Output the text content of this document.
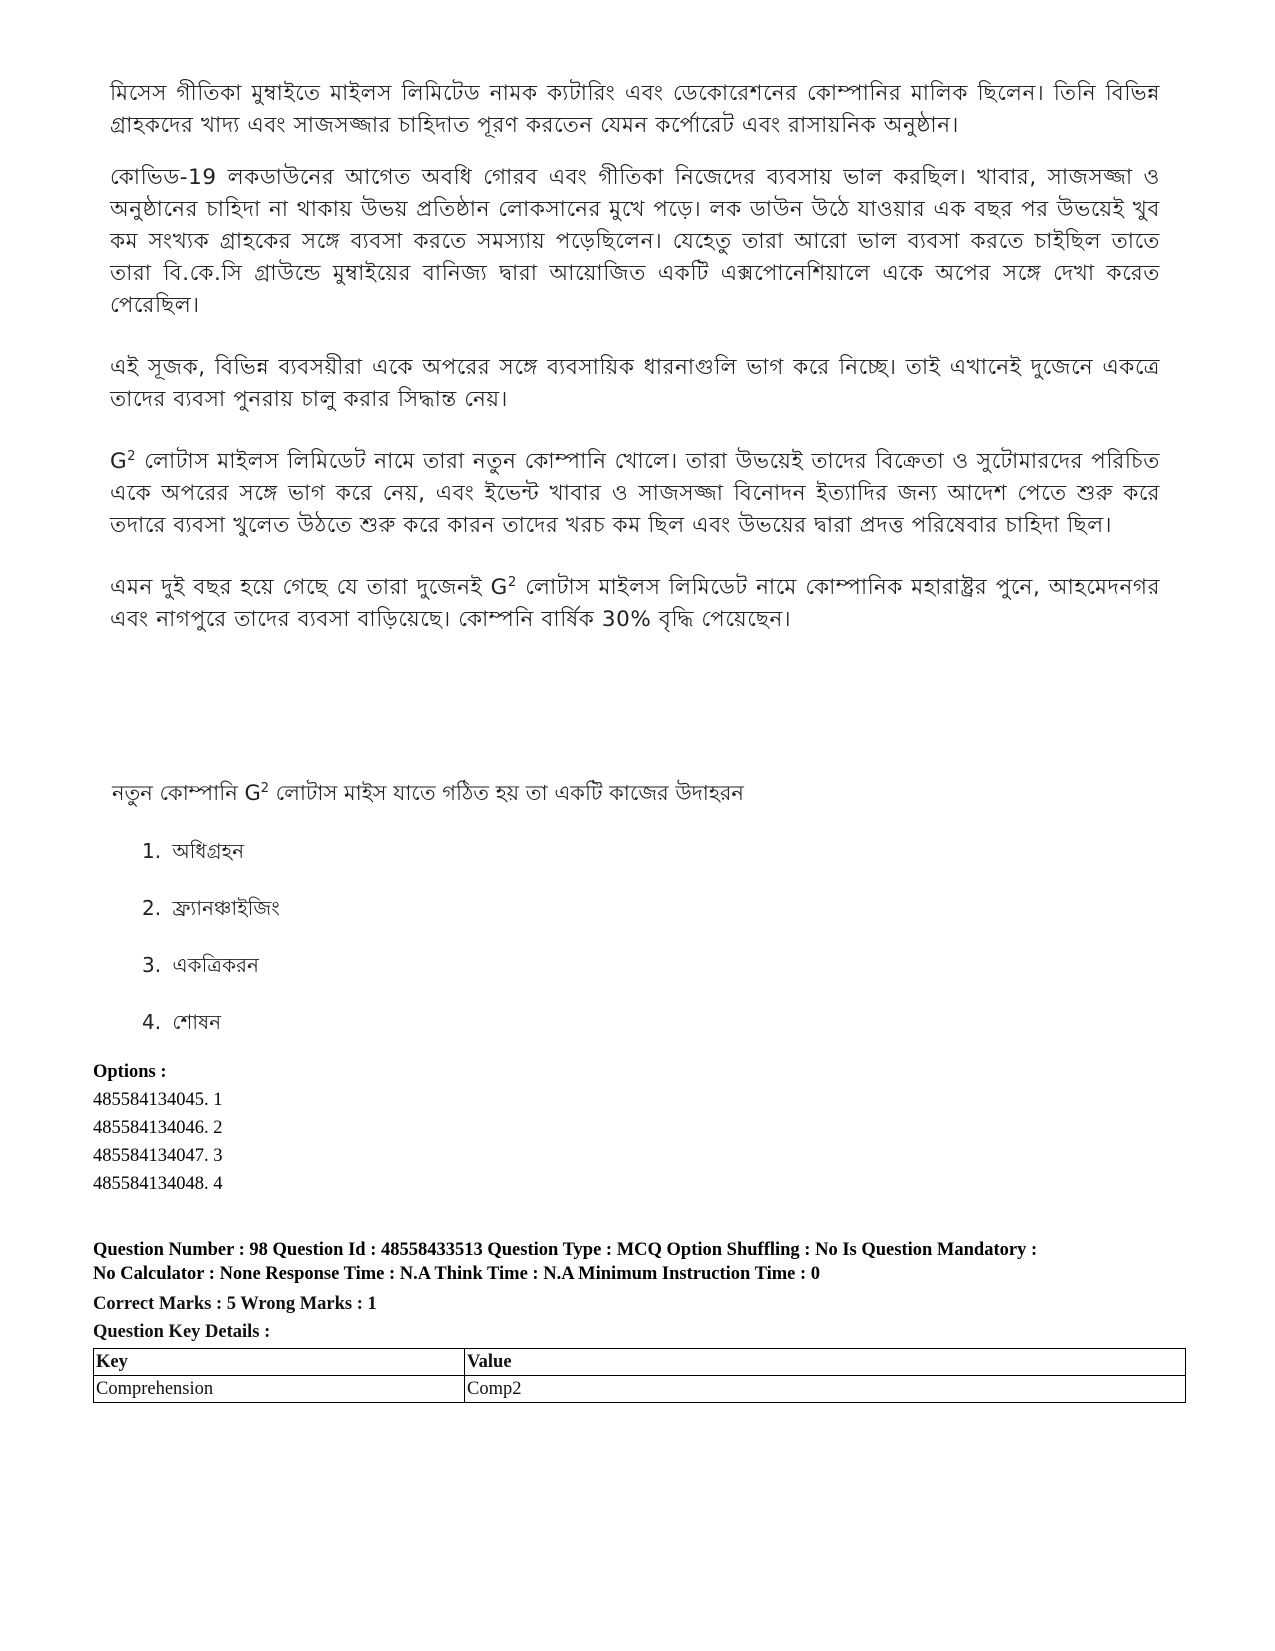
মিসেস গীতিকা মুম্বাইতে মাইলস লিমিটেড নামক ক্যটারিং এবং ডেকোরেশনের কোম্পানির মালিক ছিলেন। তিনি বিভিন্ন গ্রাহকদের খাদ্য এবং সাজসজ্জার চাহিদাত পূরণ করতেন যেমন কর্পোরেট এবং রাসায়নিক অনুষ্ঠান।

কোভিড-19 লকডাউনের আগেত অবধি গোরব এবং গীতিকা নিজেদের ব্যবসায় ভাল করছিল। খাবার, সাজসজ্জা ও অনুষ্ঠানের চাহিদা না থাকায় উভয় প্রতিষ্ঠান লোকসানের মুখে পড়ে। লক ডাউন উঠে যাওয়ার এক বছর পর উভয়েই খুব কম সংখ্যক গ্রাহকের সঙ্গে ব্যবসা করতে সমস্যায় পড়েছিলেন। যেহেতু তারা আরো ভাল ব্যবসা করতে চাইছিল তাতে তারা বি.কে.সি গ্রাউন্ডে মুম্বাইয়ের বানিজ্য দ্বারা আয়োজিত একটি এক্সপোনেশিয়ালে একে অপের সঙ্গে দেখা করেত পেরেছিল।

এই সূজক, বিভিন্ন ব্যবসয়ীরা একে অপরের সঙ্গে ব্যবসায়িক ধারনাগুলি ভাগ করে নিচ্ছে। তাই এখানেই দুজেনে একত্রে তাদের ব্যবসা পুনরায় চালু করার সিদ্ধান্ত নেয়।

$G^2$ লোটাস মাইলস লিমিডেট নামে তারা নতুন কোম্পানি খোলে। তারা উভয়েই তাদের বিক্রেতা ও সুটোমারদের পরিচিত একে অপরের সঙ্গে ভাগ করে নেয়, এবং ইভেন্ট খাবার ও সাজসজ্জা বিনোদন ইত্যাদির জন্য আদেশ পেতে শুরু করে তদারে ব্যবসা খুলেত উঠতে শুরু করে কারন তাদের খরচ কম ছিল এবং উভয়ের দ্বারা প্রদত্ত পরিষেবার চাহিদা ছিল।

এমন দুই বছর হয়ে গেছে যে তারা দুজেনই $G^2$ লোটাস মাইলস লিমিডেট নামে কোম্পানিক মহারাষ্ট্রর পুনে, আহমেদনগর এবং নাগপুরে তাদের ব্যবসা বাড়িয়েছে। কোম্পনি বার্ষিক 30% বৃদ্ধি পেয়েছেন।

নতুন কোম্পানি $G^2$ লোটাস মাইস যাতে গঠিত হয় তা একটি কাজের উদাহরন
1. অধিগ্রহন
2. ফ্র্যানঞ্চাইজিং
3. একত্রিকরন
4. শোষন
Options :
485584134045. 1
485584134046. 2
485584134047. 3
485584134048. 4
Question Number : 98 Question Id : 48558433513 Question Type : MCQ Option Shuffling : No Is Question Mandatory :
No Calculator : None Response Time : N.A Think Time : N.A Minimum Instruction Time : 0
Correct Marks : 5 Wrong Marks : 1
Question Key Details :
Key	Value
Comprehension	Comp2
